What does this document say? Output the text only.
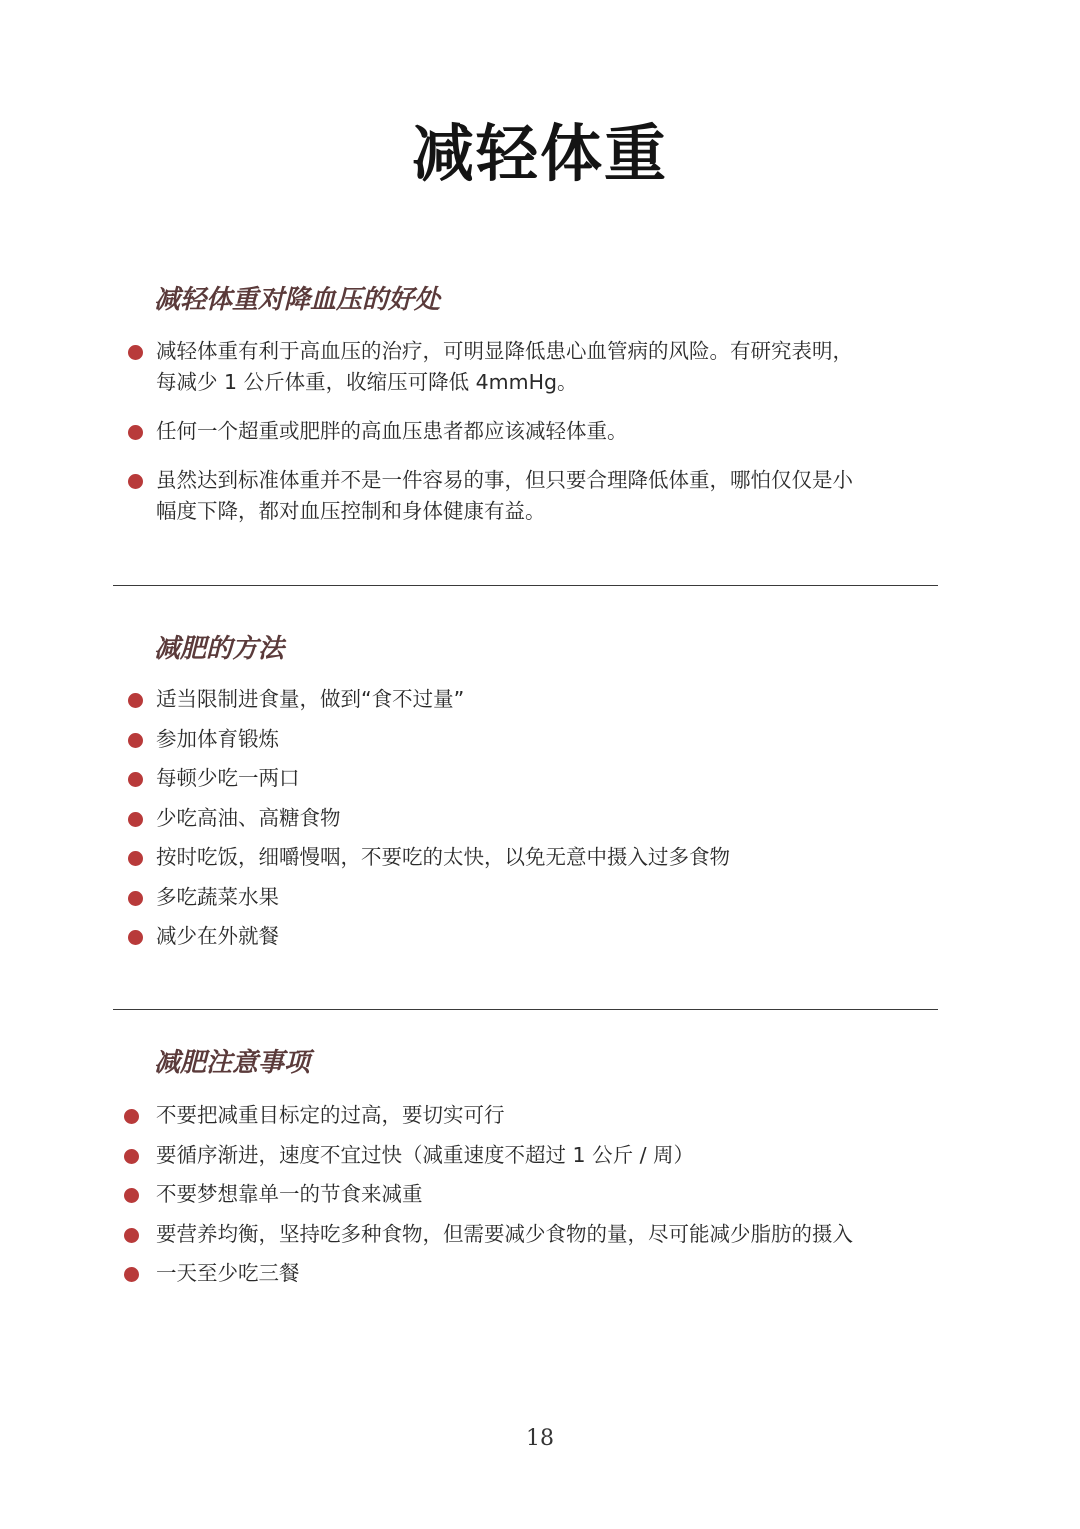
减轻体重
减轻体重对降血压的好处
减轻体重有利于高血压的治疗，可明显降低患心血管病的风险。有研究表明，每减少 1 公斤体重，收缩压可降低 4mmHg。
任何一个超重或肥胖的高血压患者都应该减轻体重。
虽然达到标准体重并不是一件容易的事，但只要合理降低体重，哪怕仅仅是小幅度下降，都对血压控制和身体健康有益。
减肥的方法
适当限制进食量，做到“食不过量”
参加体育锻炼
每顿少吃一两口
少吃高油、高糖食物
按时吃饭，细嚼慢咽，不要吃的太快，以免无意中摄入过多食物
多吃蔬菜水果
减少在外就餐
减肥注意事项
不要把减重目标定的过高，要切实可行
要循序渐进，速度不宜过快（减重速度不超过 1 公斤 / 周）
不要梦想靠单一的节食来减重
要营养均衡，坚持吃多种食物，但需要减少食物的量，尽可能减少脂肪的摄入
一天至少吃三餐
18
